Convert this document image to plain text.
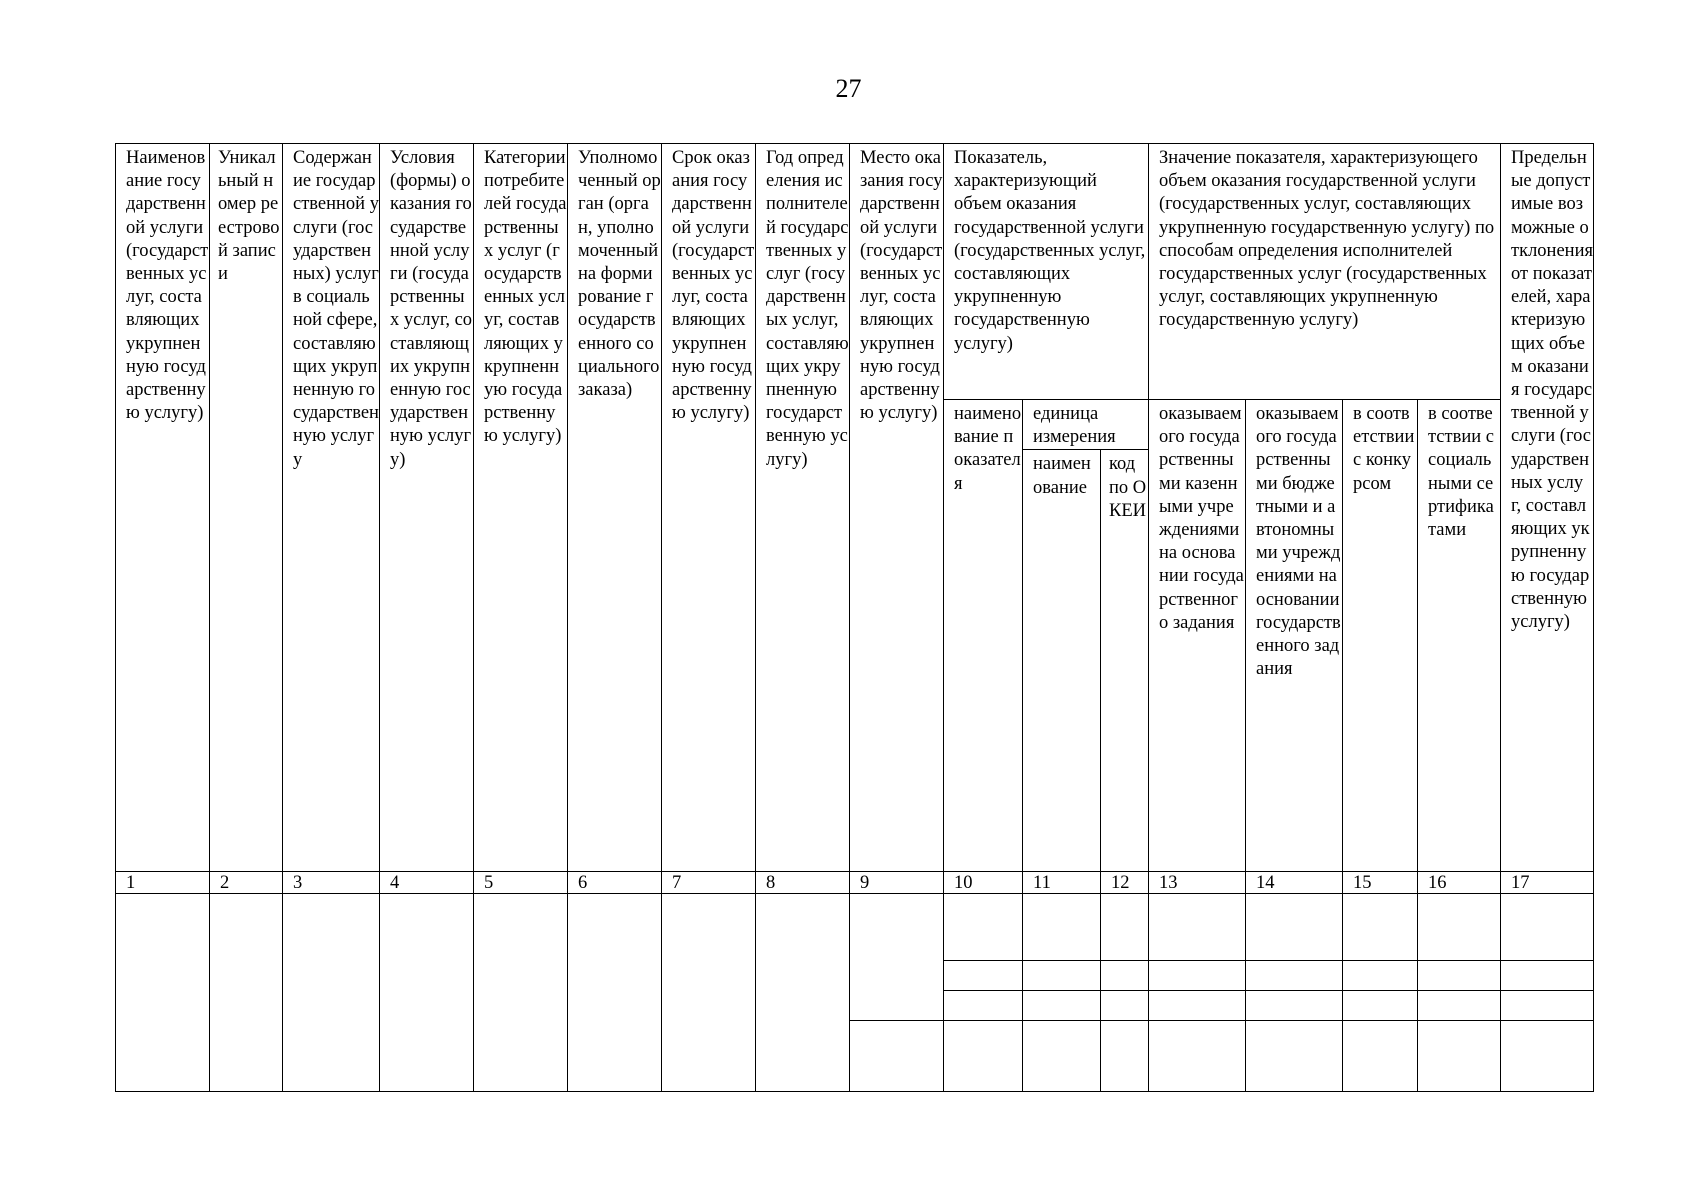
27
Наименование государственной услуги (государственных услуг, составляющих укрупненную государственную услугу)	Уникальный номер реестровой записи	Содержание государственной услуги (государственных) услуг в социальной сфере, составляющих укрупненную государственную услугу	Условия (формы) оказания государственной услуги (государственных услуг, составляющих укрупненную государственную услугу)	Категории потребителей государственных услуг (государственных услуг, составляющих укрупненную государственную услугу)	Уполномоченный орган (орган, уполномоченный на формирование государственного социального заказа)	Срок оказания государственной услуги (государственных услуг, составляющих укрупненную государственную услугу)	Год определения исполнителей государственных услуг (государственных услуг, составляющих укрупненную государственную услугу)	Место оказания государственной услуги (государственных услуг, составляющих укрупненную государственную услугу)	Показатель, характеризующий объем оказания государственной услуги (государственных услуг, составляющих укрупненную государственную услугу)			Значение показателя, характеризующего объем оказания государственной услуги (государственных услуг, составляющих укрупненную государственную услугу) по способам определения исполнителей государственных услуг (государственных услуг, составляющих укрупненную государственную услугу)				Предельные допустимые возможные отклонения от показателей, характеризующих объем оказания государственной услуги (государственных услуг, составляющих укрупненную государственную услугу)
									наименование показателя	единица измерения		оказываемого государственными казенными учреждениями на основании государственного задания	оказываемого государственными бюджетными и автономными учреждениями на основании государственного задания	в соответствии с конкурсом	в соответствии с социальными сертификатами	
										наименование	код по ОКЕИ					
1	2	3	4	5	6	7	8	9	10	11	12	13	14	15	16	17
